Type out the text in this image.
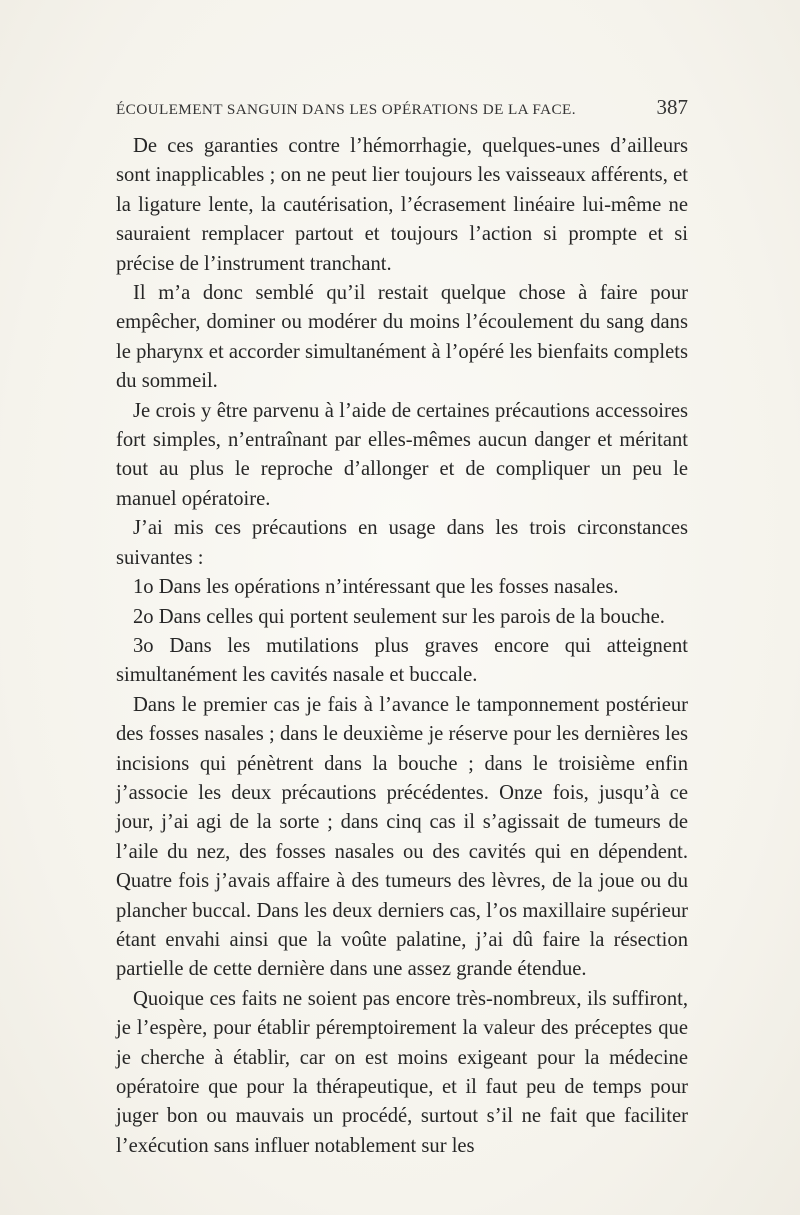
ÉCOULEMENT SANGUIN DANS LES OPÉRATIONS DE LA FACE.	387

De ces garanties contre l’hémorrhagie, quelques-unes d’ailleurs sont inapplicables ; on ne peut lier toujours les vaisseaux afférents, et la ligature lente, la cautérisation, l’écrasement linéaire lui-même ne sauraient remplacer partout et toujours l’action si prompte et si précise de l’instrument tranchant.

Il m’a donc semblé qu’il restait quelque chose à faire pour empêcher, dominer ou modérer du moins l’écoulement du sang dans le pharynx et accorder simultanément à l’opéré les bienfaits complets du sommeil.

Je crois y être parvenu à l’aide de certaines précautions accessoires fort simples, n’entraînant par elles-mêmes aucun danger et méritant tout au plus le reproche d’allonger et de compliquer un peu le manuel opératoire.

J’ai mis ces précautions en usage dans les trois circonstances suivantes :

1o Dans les opérations n’intéressant que les fosses nasales.

2o Dans celles qui portent seulement sur les parois de la bouche.

3o Dans les mutilations plus graves encore qui atteignent simultanément les cavités nasale et buccale.

Dans le premier cas je fais à l’avance le tamponnement postérieur des fosses nasales ; dans le deuxième je réserve pour les dernières les incisions qui pénètrent dans la bouche ; dans le troisième enfin j’associe les deux précautions précédentes. Onze fois, jusqu’à ce jour, j’ai agi de la sorte ; dans cinq cas il s’agissait de tumeurs de l’aile du nez, des fosses nasales ou des cavités qui en dépendent. Quatre fois j’avais affaire à des tumeurs des lèvres, de la joue ou du plancher buccal. Dans les deux derniers cas, l’os maxillaire supérieur étant envahi ainsi que la voûte palatine, j’ai dû faire la résection partielle de cette dernière dans une assez grande étendue.

Quoique ces faits ne soient pas encore très-nombreux, ils suffiront, je l’espère, pour établir péremptoirement la valeur des préceptes que je cherche à établir, car on est moins exigeant pour la médecine opératoire que pour la thérapeutique, et il faut peu de temps pour juger bon ou mauvais un procédé, surtout s’il ne fait que faciliter l’exécution sans influer notablement sur les
